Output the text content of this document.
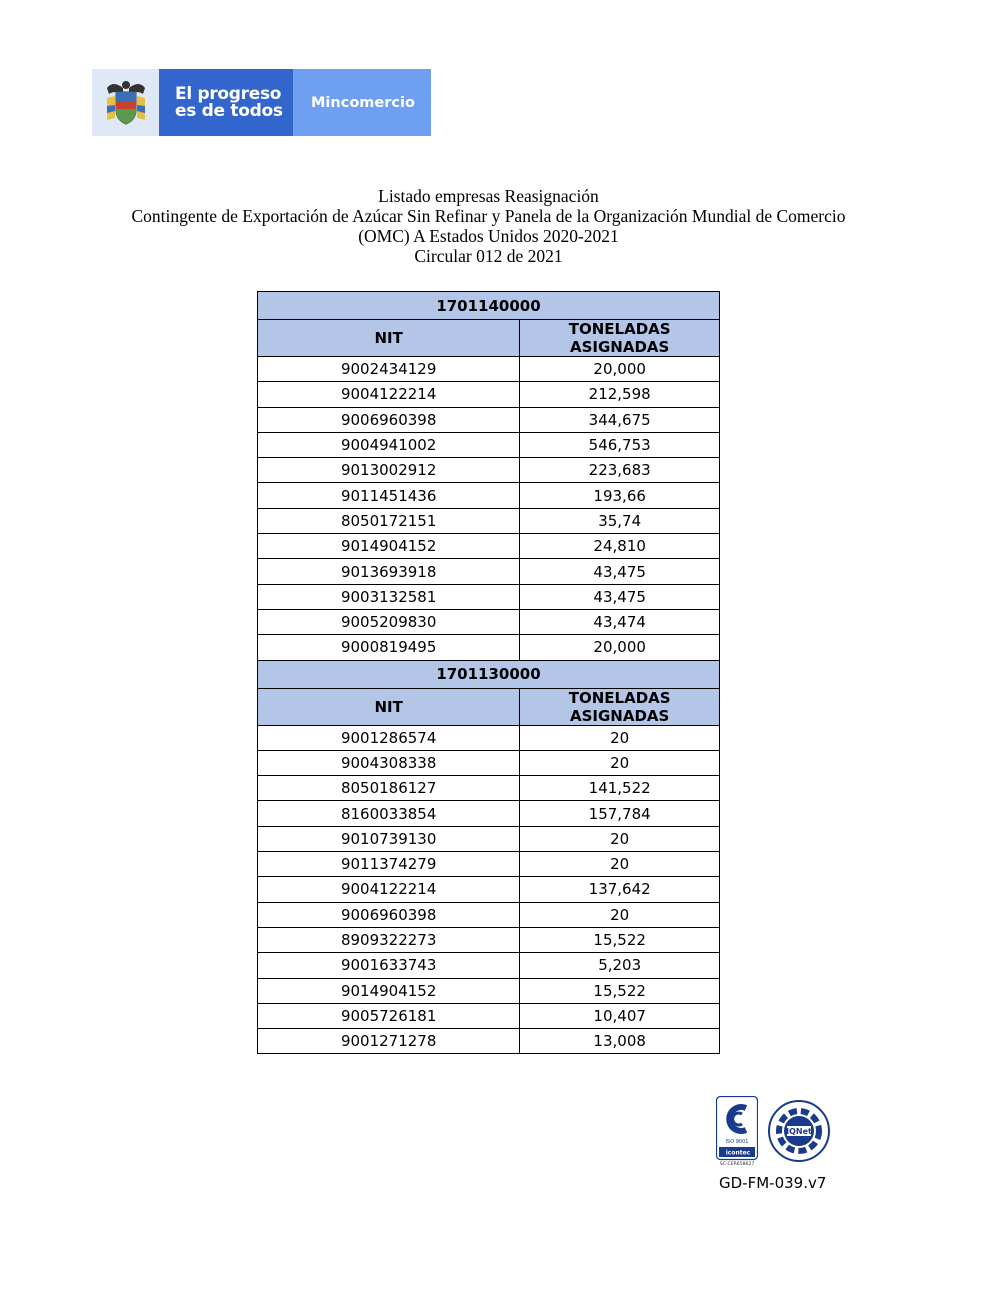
El progreso
es de todos	Mincomercio
Listado empresas Reasignación
Contingente de Exportación de Azúcar Sin Refinar y Panela de la Organización Mundial de Comercio
(OMC) A Estados Unidos 2020-2021
Circular 012 de 2021
1701140000	
NIT	TONELADAS ASIGNADAS
9002434129	20,000
9004122214	212,598
9006960398	344,675
9004941002	546,753
9013002912	223,683
9011451436	193,66
8050172151	35,74
9014904152	24,810
9013693918	43,475
9003132581	43,475
9005209830	43,474
9000819495	20,000
1701130000	
NIT	TONELADAS ASIGNADAS
9001286574	20
9004308338	20
8050186127	141,522
8160033854	157,784
9010739130	20
9011374279	20
9004122214	137,642
9006960398	20
8909322273	15,522
9001633743	5,203
9014904152	15,522
9005726181	10,407
9001271278	13,008
ISO 9001
icontec
SC-CER658627
IQNet
GD-FM-039.v7
